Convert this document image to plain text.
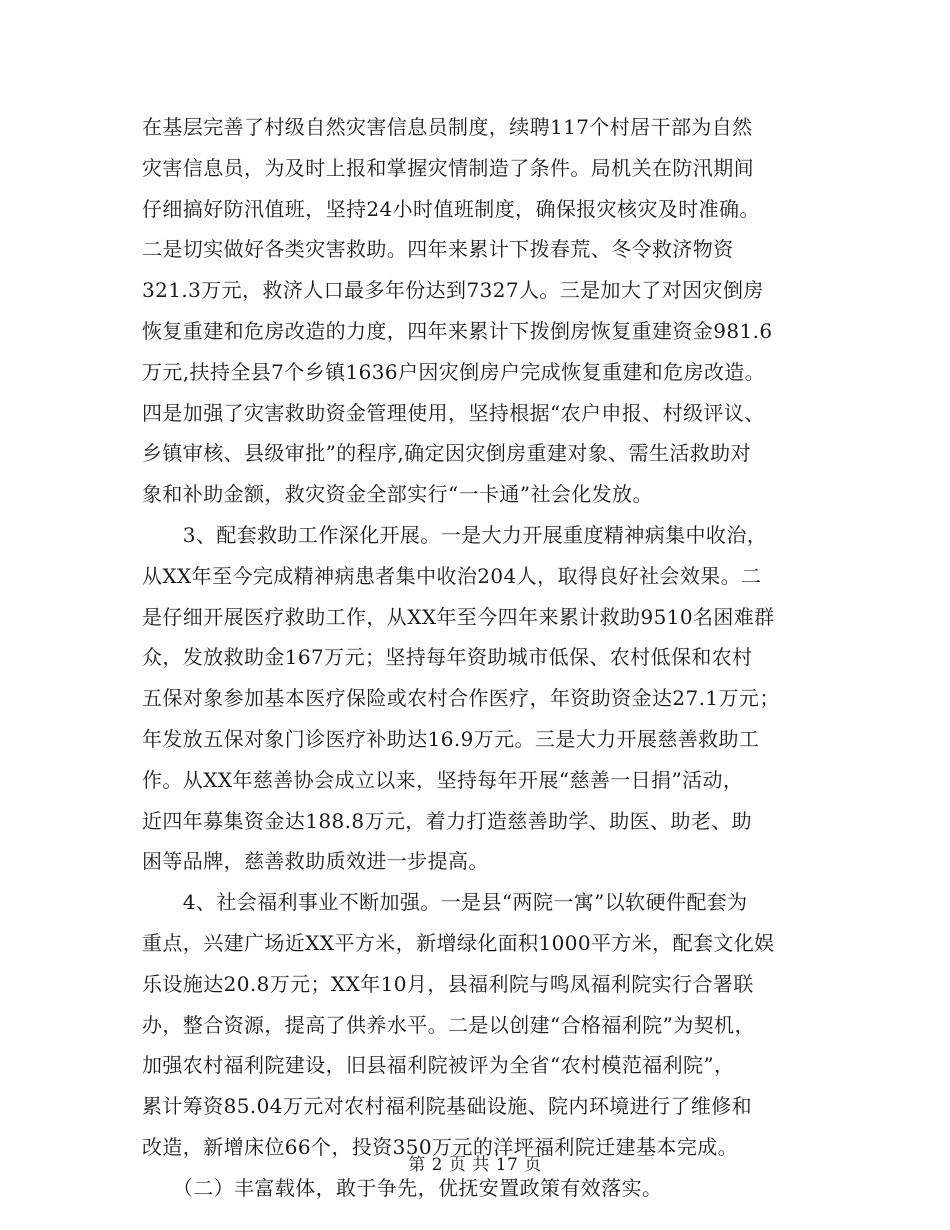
在基层完善了村级自然灾害信息员制度，续聘117个村居干部为自然
灾害信息员，为及时上报和掌握灾情制造了条件。局机关在防汛期间
仔细搞好防汛值班，坚持24小时值班制度，确保报灾核灾及时准确。
二是切实做好各类灾害救助。四年来累计下拨春荒、冬令救济物资
321.3万元，救济人口最多年份达到7327人。三是加大了对因灾倒房
恢复重建和危房改造的力度，四年来累计下拨倒房恢复重建资金981.6
万元,扶持全县7个乡镇1636户因灾倒房户完成恢复重建和危房改造。
四是加强了灾害救助资金管理使用，坚持根据“农户申报、村级评议、
乡镇审核、县级审批”的程序,确定因灾倒房重建对象、需生活救助对
象和补助金额，救灾资金全部实行“一卡通”社会化发放。
　　3、配套救助工作深化开展。一是大力开展重度精神病集中收治，
从XX年至今完成精神病患者集中收治204人，取得良好社会效果。二
是仔细开展医疗救助工作，从XX年至今四年来累计救助9510名困难群
众，发放救助金167万元；坚持每年资助城市低保、农村低保和农村
五保对象参加基本医疗保险或农村合作医疗，年资助资金达27.1万元；
年发放五保对象门诊医疗补助达16.9万元。三是大力开展慈善救助工
作。从XX年慈善协会成立以来，坚持每年开展“慈善一日捐”活动，
近四年募集资金达188.8万元，着力打造慈善助学、助医、助老、助
困等品牌，慈善救助质效进一步提高。
　　4、社会福利事业不断加强。一是县“两院一寓”以软硬件配套为
重点，兴建广场近XX平方米，新增绿化面积1000平方米，配套文化娱
乐设施达20.8万元；XX年10月，县福利院与鸣凤福利院实行合署联
办，整合资源，提高了供养水平。二是以创建“合格福利院”为契机，
加强农村福利院建设，旧县福利院被评为全省“农村模范福利院”，
累计筹资85.04万元对农村福利院基础设施、院内环境进行了维修和
改造，新增床位66个，投资350万元的洋坪福利院迁建基本完成。
　　（二）丰富载体，敢于争先，优抚安置政策有效落实。
第 2 页 共 17 页
